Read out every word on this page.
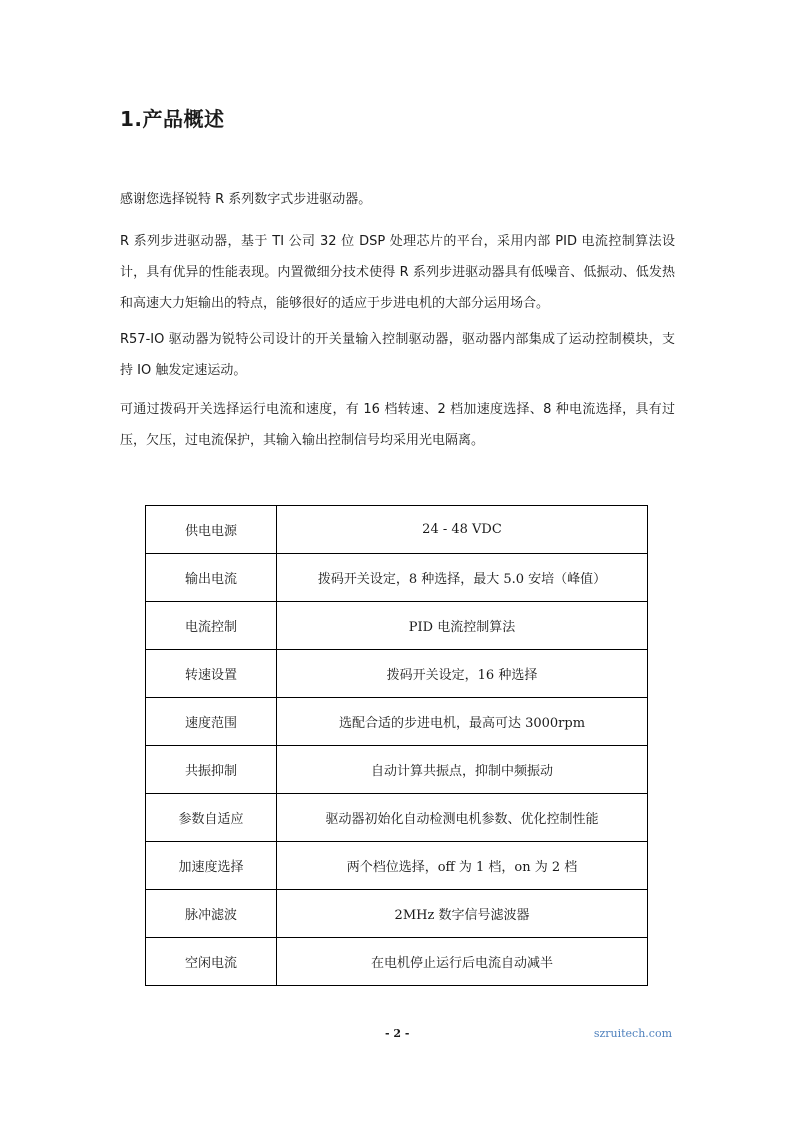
1.产品概述

感谢您选择锐特 R 系列数字式步进驱动器。

R 系列步进驱动器，基于 TI 公司 32 位 DSP 处理芯片的平台，采用内部 PID 电流控制算法设计，具有优异的性能表现。内置微细分技术使得 R 系列步进驱动器具有低噪音、低振动、低发热和高速大力矩输出的特点，能够很好的适应于步进电机的大部分运用场合。

R57-IO 驱动器为锐特公司设计的开关量输入控制驱动器，驱动器内部集成了运动控制模块，支持 IO 触发定速运动。

可通过拨码开关选择运行电流和速度，有 16 档转速、2 档加速度选择、8 种电流选择，具有过压，欠压，过电流保护，其输入输出控制信号均采用光电隔离。

供电电源	24 - 48 VDC
输出电流	拨码开关设定，8 种选择，最大 5.0 安培（峰值）
电流控制	PID 电流控制算法
转速设置	拨码开关设定，16 种选择
速度范围	选配合适的步进电机，最高可达 3000rpm
共振抑制	自动计算共振点，抑制中频振动
参数自适应	驱动器初始化自动检测电机参数、优化控制性能
加速度选择	两个档位选择，off 为 1 档，on 为 2 档
脉冲滤波	2MHz 数字信号滤波器
空闲电流	在电机停止运行后电流自动减半
- 2 -	szruitech.com
